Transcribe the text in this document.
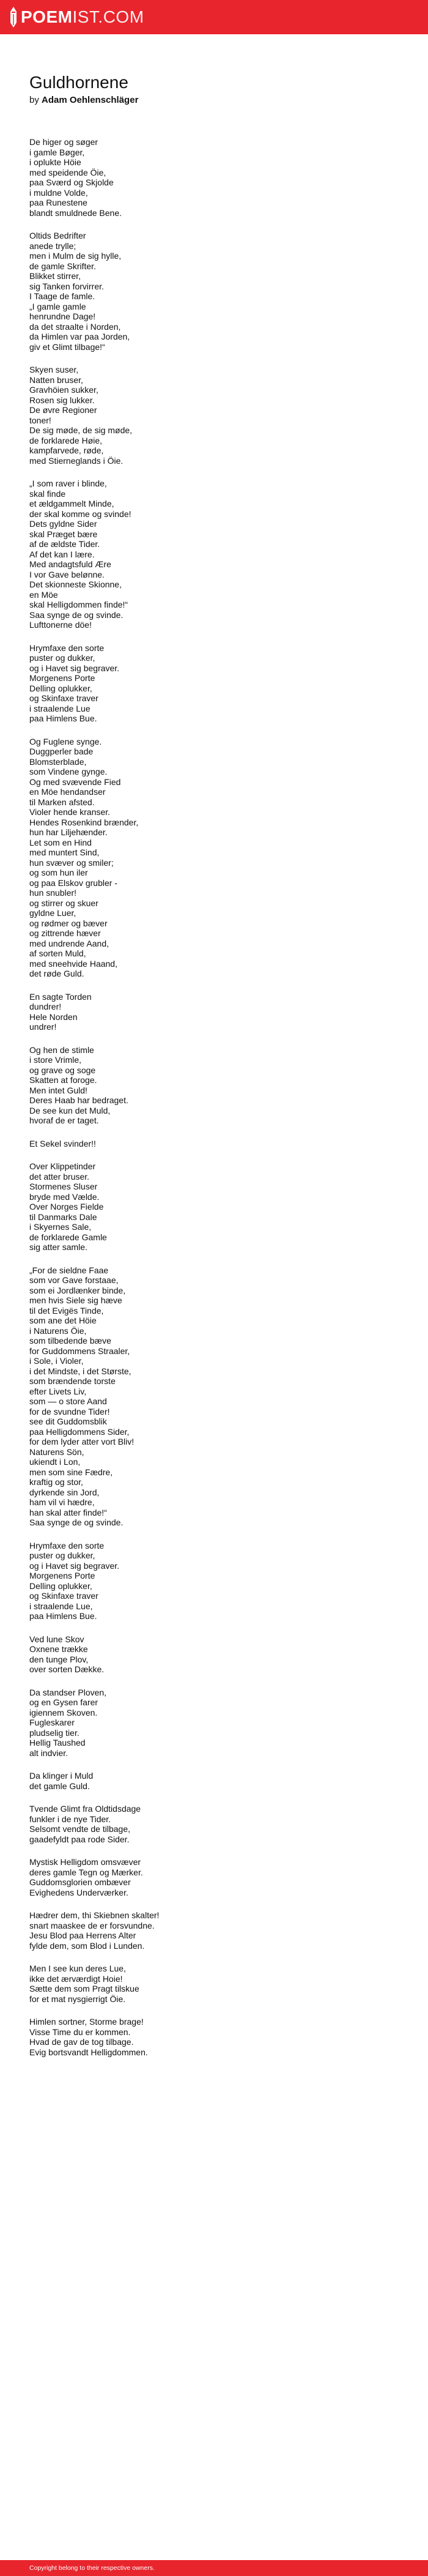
POEMIST.COM
Guldhornene
by Adam Oehlenschläger
De higer og søger
i gamle Bøger,
i oplukte Höie
med speidende Öie,
paa Sværd og Skjolde
i muldne Volde,
paa Runestene
blandt smuldnede Bene.
Oltids Bedrifter
anede trylle;
men i Mulm de sig hylle,
de gamle Skrifter.
Blikket stirrer,
sig Tanken forvirrer.
I Taage de famle.
„I gamle gamle
henrundne Dage!
da det straalte i Norden,
da Himlen var paa Jorden,
giv et Glimt tilbage!“
Skyen suser,
Natten bruser,
Gravhöien sukker,
Rosen sig lukker.
De øvre Regioner
toner!
De sig møde, de sig møde,
de forklarede Høie,
kampfarvede, røde,
med Stierneglands i Öie.
„I som raver i blinde,
skal finde
et ældgammelt Minde,
der skal komme og svinde!
Dets gyldne Sider
skal Præget bære
af de ældste Tider.
Af det kan I lære.
Med andagtsfuld Ære
I vor Gave belønne.
Det skionneste Skionne,
en Möe
skal Helligdommen finde!“
Saa synge de og svinde.
Lufttonerne döe!
Hrymfaxe den sorte
puster og dukker,
og i Havet sig begraver.
Morgenens Porte
Delling oplukker,
og Skinfaxe traver
i straalende Lue
paa Himlens Bue.
Og Fuglene synge.
Duggperler bade
Blomsterblade,
som Vindene gynge.
Og med svævende Fied
en Möe hendandser
til Marken afsted.
Violer hende kranser.
Hendes Rosenkind brænder,
hun har Liljehænder.
Let som en Hind
med muntert Sind,
hun svæver og smiler;
og som hun iler
og paa Elskov grubler -
hun snubler!
og stirrer og skuer
gyldne Luer,
og rødmer og bæver
og zittrende hæver
med undrende Aand,
af sorten Muld,
med sneehvide Haand,
det røde Guld.
En sagte Torden
dundrer!
Hele Norden
undrer!
Og hen de stimle
i store Vrimle,
og grave og soge
Skatten at foroge.
Men intet Guld!
Deres Haab har bedraget.
De see kun det Muld,
hvoraf de er taget.
Et Sekel svinder!!
Over Klippetinder
det atter bruser.
Stormenes Sluser
bryde med Vælde.
Over Norges Fielde
til Danmarks Dale
i Skyernes Sale,
de forklarede Gamle
sig atter samle.
„For de sieldne Faae
som vor Gave forstaae,
som ei Jordlænker binde,
men hvis Siele sig hæve
til det Evigës Tinde,
som ane det Höie
i Naturens Öie,
som tilbedende bæve
for Guddommens Straaler,
i Sole, i Violer,
i det Mindste, i det Største,
som brændende torste
efter Livets Liv,
som — o store Aand
for de svundne Tider!
see dit Guddomsblik
paa Helligdommens Sider,
for dem lyder atter vort Bliv!
Naturens Sön,
ukiendt i Lon,
men som sine Fædre,
kraftig og stor,
dyrkende sin Jord,
ham vil vi hædre,
han skal atter finde!“
Saa synge de og svinde.
Hrymfaxe den sorte
puster og dukker,
og i Havet sig begraver.
Morgenens Porte
Delling oplukker,
og Skinfaxe traver
i straalende Lue,
paa Himlens Bue.
Ved lune Skov
Oxnene trække
den tunge Plov,
over sorten Dække.
Da standser Ploven,
og en Gysen farer
igiennem Skoven.
Fugleskarer
pludselig tier.
Hellig Taushed
alt indvier.
Da klinger i Muld
det gamle Guld.
Tvende Glimt fra Oldtidsdage
funkler i de nye Tider.
Selsomt vendte de tilbage,
gaadefyldt paa rode Sider.
Mystisk Helligdom omsvæver
deres gamle Tegn og Mærker.
Guddomsglorien ombæver
Evighedens Underværker.
Hædrer dem, thi Skiebnen skalter!
snart maaskee de er forsvundne.
Jesu Blod paa Herrens Alter
fylde dem, som Blod i Lunden.
Men I see kun deres Lue,
ikke det ærværdigt Hoie!
Sætte dem som Pragt tilskue
for et mat nysgierrigt Öie.
Himlen sortner, Storme brage!
Visse Time du er kommen.
Hvad de gav de tog tilbage.
Evig bortsvandt Helligdommen.
Copyright belong to their respective owners.
